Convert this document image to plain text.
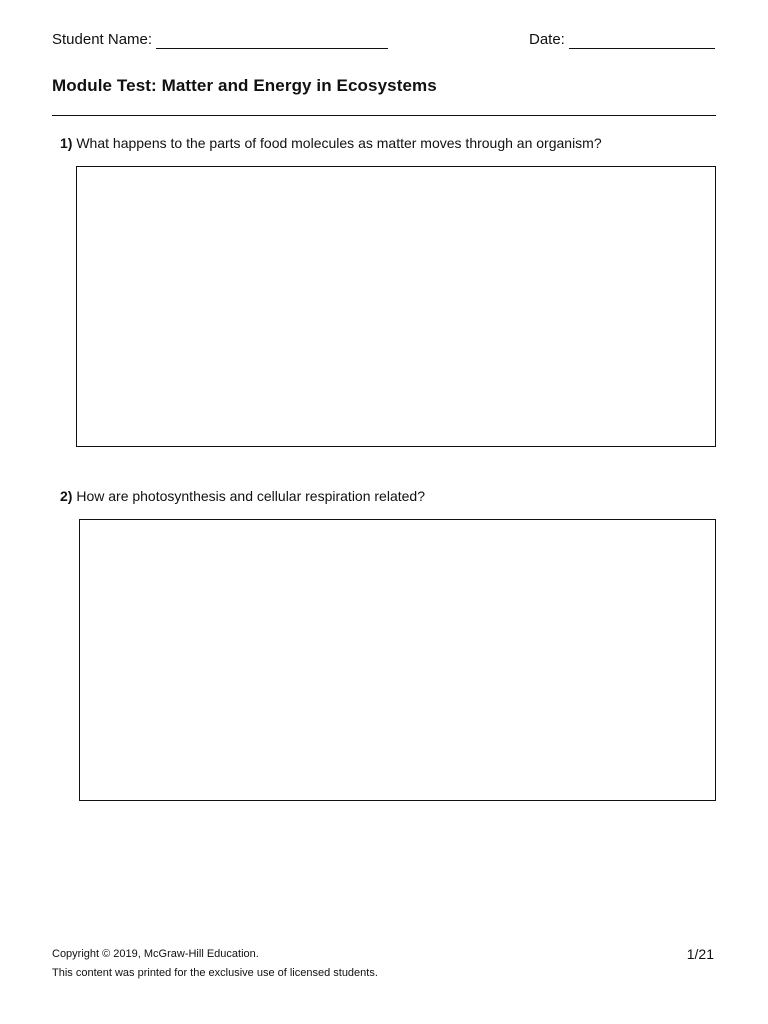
Student Name:	Date:
Module Test: Matter and Energy in Ecosystems
1) What happens to the parts of food molecules as matter moves through an organism?
2) How are photosynthesis and cellular respiration related?
Copyright © 2019, McGraw-Hill Education.
This content was printed for the exclusive use of licensed students.
1/21
